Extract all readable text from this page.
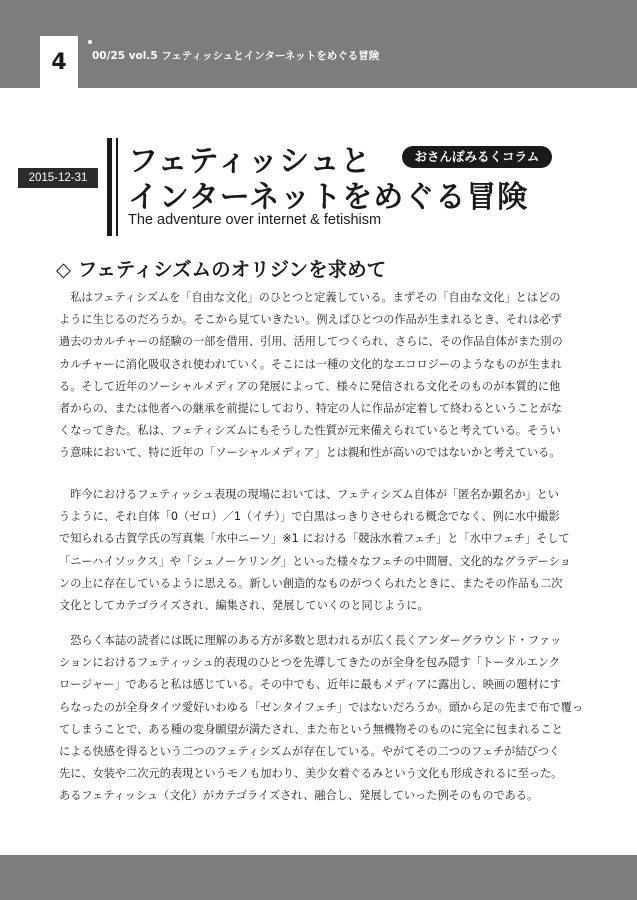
4	00/25 vol.5 フェティッシュとインターネットをめぐる冒険
2015-12-31	フェティッシュと
インターネットをめぐる冒険
おさんぽみるくコラム
The adventure over internet & fetishism
◇ フェティシズムのオリジンを求めて
　私はフェティシズムを「自由な文化」のひとつと定義している。まずその「自由な文化」とはどの
ように生じるのだろうか。そこから見ていきたい。例えばひとつの作品が生まれるとき、それは必ず
過去のカルチャーの経験の一部を借用、引用、活用してつくられ、さらに、その作品自体がまた別の
カルチャーに消化吸収され使われていく。そこには一種の文化的なエコロジーのようなものが生まれ
る。そして近年のソーシャルメディアの発展によって、様々に発信される文化そのものが本質的に他
者からの、または他者への継承を前提にしており、特定の人に作品が定着して終わるということがな
くなってきた。私は、フェティシズムにもそうした性質が元来備えられていると考えている。そうい
う意味において、特に近年の「ソーシャルメディア」とは親和性が高いのではないかと考えている。
　昨今におけるフェティッシュ表現の現場においては、フェティシズム自体が「匿名か顕名か」とい
うように、それ自体「0（ゼロ）／1（イチ）」で白黒はっきりさせられる概念でなく、例に水中撮影
で知られる古賀学氏の写真集「水中ニーソ」※1 における「競泳水着フェチ」と「水中フェチ」そして
「ニーハイソックス」や「シュノーケリング」といった様々なフェチの中間層、文化的なグラデーショ
ンの上に存在しているように思える。新しい創造的なものがつくられたときに、またその作品も二次
文化としてカテゴライズされ、編集され、発展していくのと同じように。
　恐らく本誌の読者には既に理解のある方が多数と思われるが広く長くアンダーグラウンド・ファッ
ションにおけるフェティッシュ的表現のひとつを先導してきたのが全身を包み隠す「トータルエンク
ロージャー」であると私は感じている。その中でも、近年に最もメディアに露出し、映画の題材にす
らなったのが全身タイツ愛好いわゆる「ゼンタイフェチ」ではないだろうか。頭から足の先まで布で覆っ
てしまうことで、ある種の変身願望が満たされ、また布という無機物そのものに完全に包まれること
による快感を得るという二つのフェティシズムが存在している。やがてその二つのフェチが結びつく
先に、女装や二次元的表現というモノも加わり、美少女着ぐるみという文化も形成されるに至った。
あるフェティッシュ（文化）がカテゴライズされ、融合し、発展していった例そのものである。
